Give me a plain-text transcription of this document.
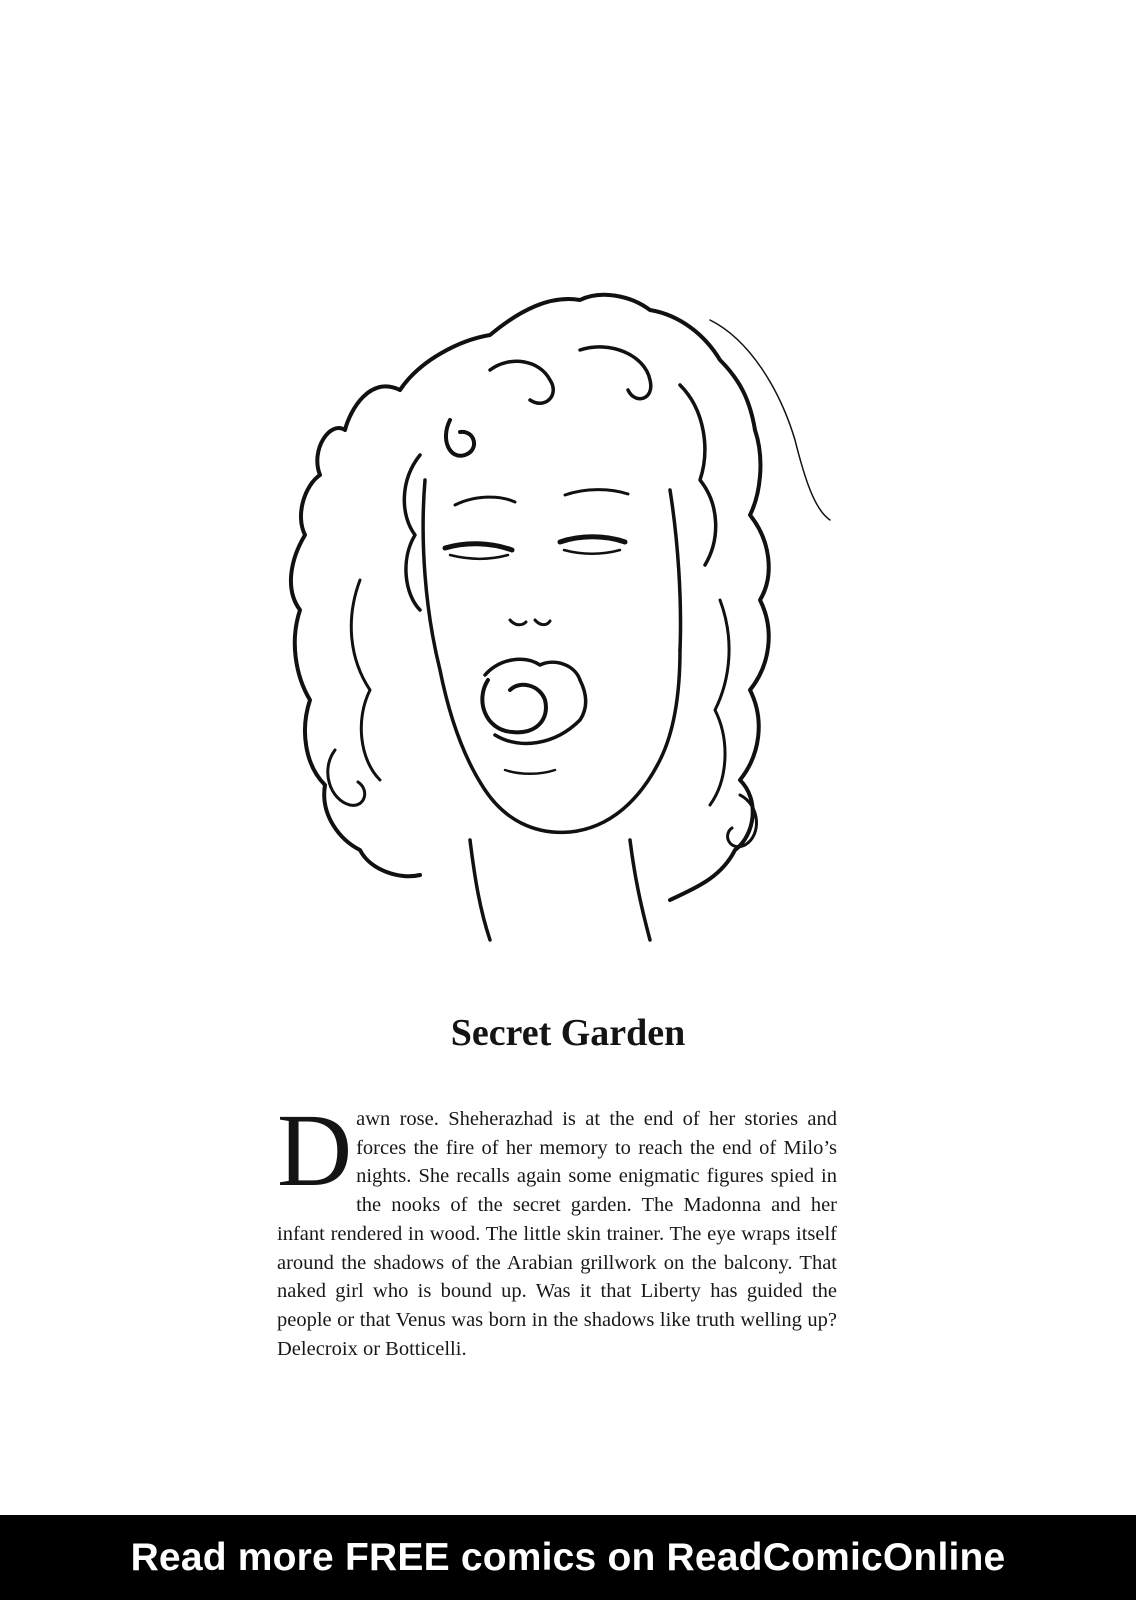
Secret Garden

D awn rose. Sheherazhad is at the end of her stories and forces the fire of her memory to reach the end of Milo’s nights. She recalls again some enigmatic figures spied in the nooks of the secret garden. The Madonna and her infant rendered in wood. The little skin trainer. The eye wraps itself around the shadows of the Arabian grillwork on the balcony. That naked girl who is bound up. Was it that Liberty has guided the people or that Venus was born in the shadows like truth welling up? Delecroix or Botticelli.

Read more FREE comics on ReadComicOnline
